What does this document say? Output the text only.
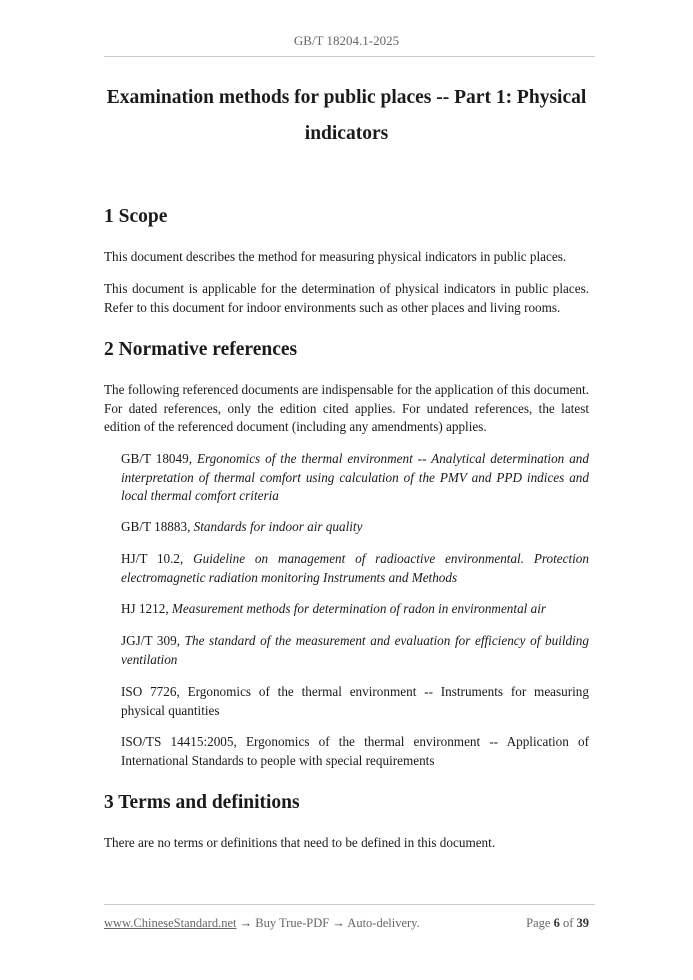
GB/T 18204.1-2025
Examination methods for public places -- Part 1: Physical indicators
1 Scope

This document describes the method for measuring physical indicators in public places.

This document is applicable for the determination of physical indicators in public places. Refer to this document for indoor environments such as other places and living rooms.

2 Normative references

The following referenced documents are indispensable for the application of this document. For dated references, only the edition cited applies. For undated references, the latest edition of the referenced document (including any amendments) applies.

GB/T 18049, Ergonomics of the thermal environment -- Analytical determination and interpretation of thermal comfort using calculation of the PMV and PPD indices and local thermal comfort criteria

GB/T 18883, Standards for indoor air quality

HJ/T 10.2, Guideline on management of radioactive environmental. Protection electromagnetic radiation monitoring Instruments and Methods

HJ 1212, Measurement methods for determination of radon in environmental air

JGJ/T 309, The standard of the measurement and evaluation for efficiency of building ventilation

ISO 7726, Ergonomics of the thermal environment -- Instruments for measuring physical quantities

ISO/TS 14415:2005, Ergonomics of the thermal environment -- Application of International Standards to people with special requirements

3 Terms and definitions

There are no terms or definitions that need to be defined in this document.

www.ChineseStandard.net → Buy True-PDF → Auto-delivery.	Page 6 of 39
